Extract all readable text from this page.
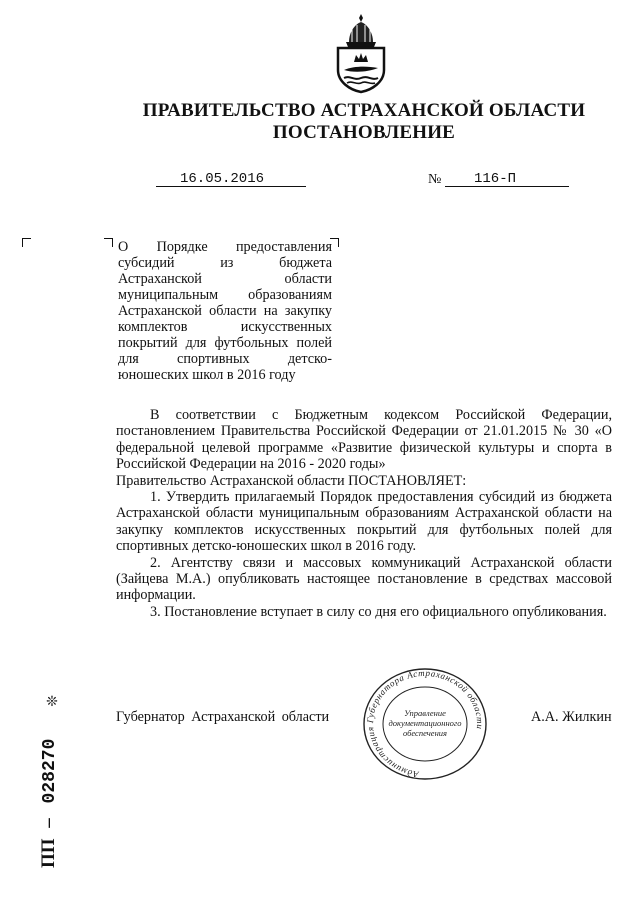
ПРАВИТЕЛЬСТВО АСТРАХАНСКОЙ ОБЛАСТИ
ПОСТАНОВЛЕНИЕ
16.05.2016	№ 116-П

О Порядке предоставления субсидий из бюджета Астраханской области муниципальным образованиям Астраханской области на закупку комплектов искусственных покрытий для футбольных полей для спортивных детско-юношеских школ в 2016 году

В соответствии с Бюджетным кодексом Российской Федерации, постановлением Правительства Российской Федерации от 21.01.2015 № 30 «О федеральной целевой программе «Развитие физической культуры и спорта в Российской Федерации на 2016 - 2020 годы»

Правительство Астраханской области ПОСТАНОВЛЯЕТ:

1. Утвердить прилагаемый Порядок предоставления субсидий из бюджета Астраханской области муниципальным образованиям Астраханской области на закупку комплектов искусственных покрытий для футбольных полей для спортивных детско-юношеских школ в 2016 году.

2. Агентству связи и массовых коммуникаций Астраханской области (Зайцева М.А.) опубликовать настоящее постановление в средствах массовой информации.

3. Постановление вступает в силу со дня его официального опубликования.

Губернатор Астраханской области	А.А. Жилкин
Администрация Губернатора Астраханской области
Управление
документационного
обеспечения
❊
ПП – 028270
